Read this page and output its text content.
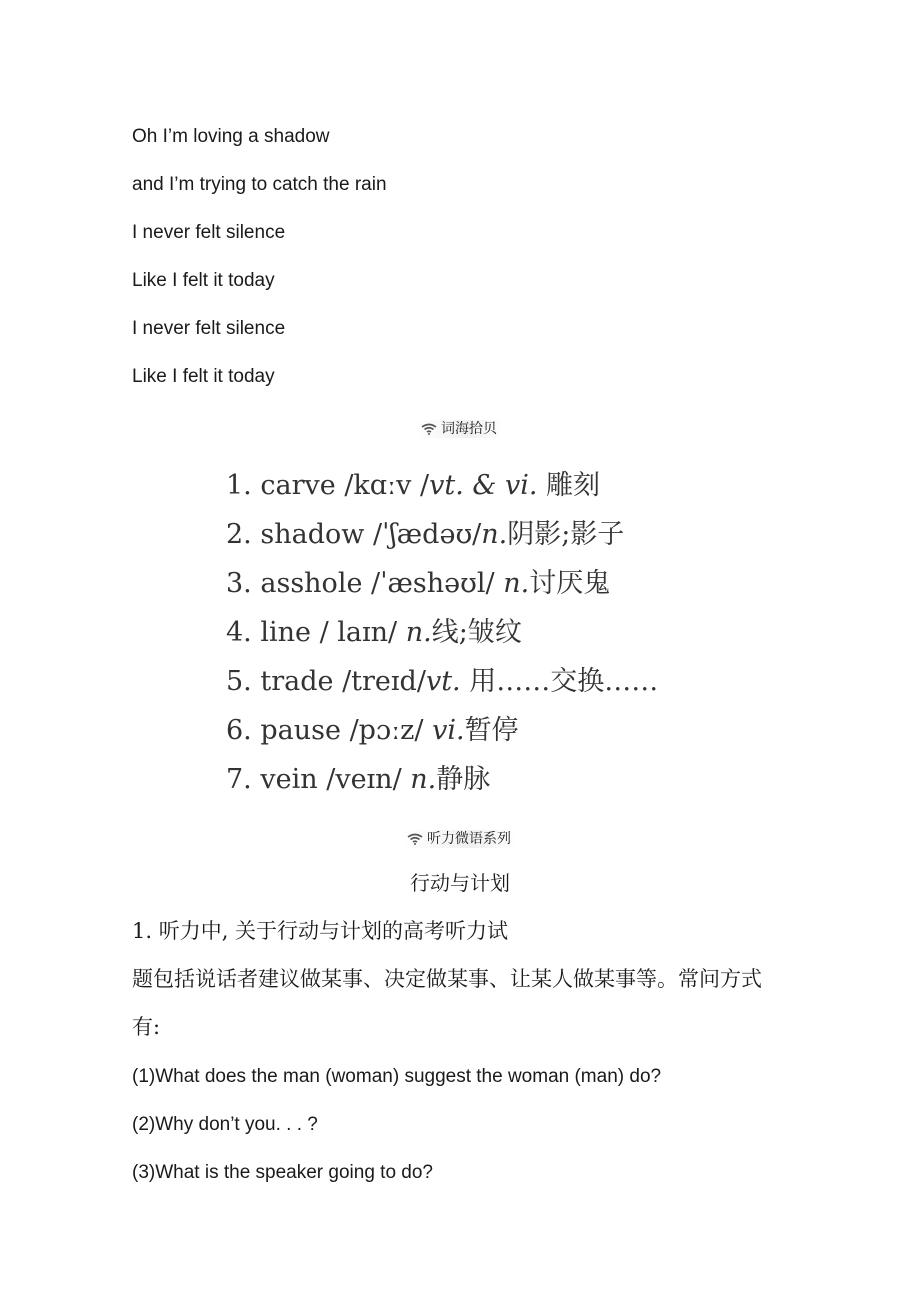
Oh I’m loving a shadow
and I’m trying to catch the rain
I never felt silence
Like I felt it today
I never felt silence
Like I felt it today
词海拾贝
1. carve /kɑːv /vt. & vi. 雕刻
2. shadow /ˈʃædəʊ/n.阴影;影子
3. asshole /ˈæshəʊl/ n.讨厌鬼
4. line / laɪn/ n.线;皱纹
5. trade /treɪd/vt. 用……交换……
6. pause /pɔːz/ vi.暂停
7. vein /veɪn/ n.静脉
听力微语系列
行动与计划
1. 听力中, 关于行动与计划的高考听力试
题包括说话者建议做某事、决定做某事、让某人做某事等。常问方式
有:
(1)What does the man (woman) suggest the woman (man) do?
(2)Why don’t you. . . ?
(3)What is the speaker going to do?
